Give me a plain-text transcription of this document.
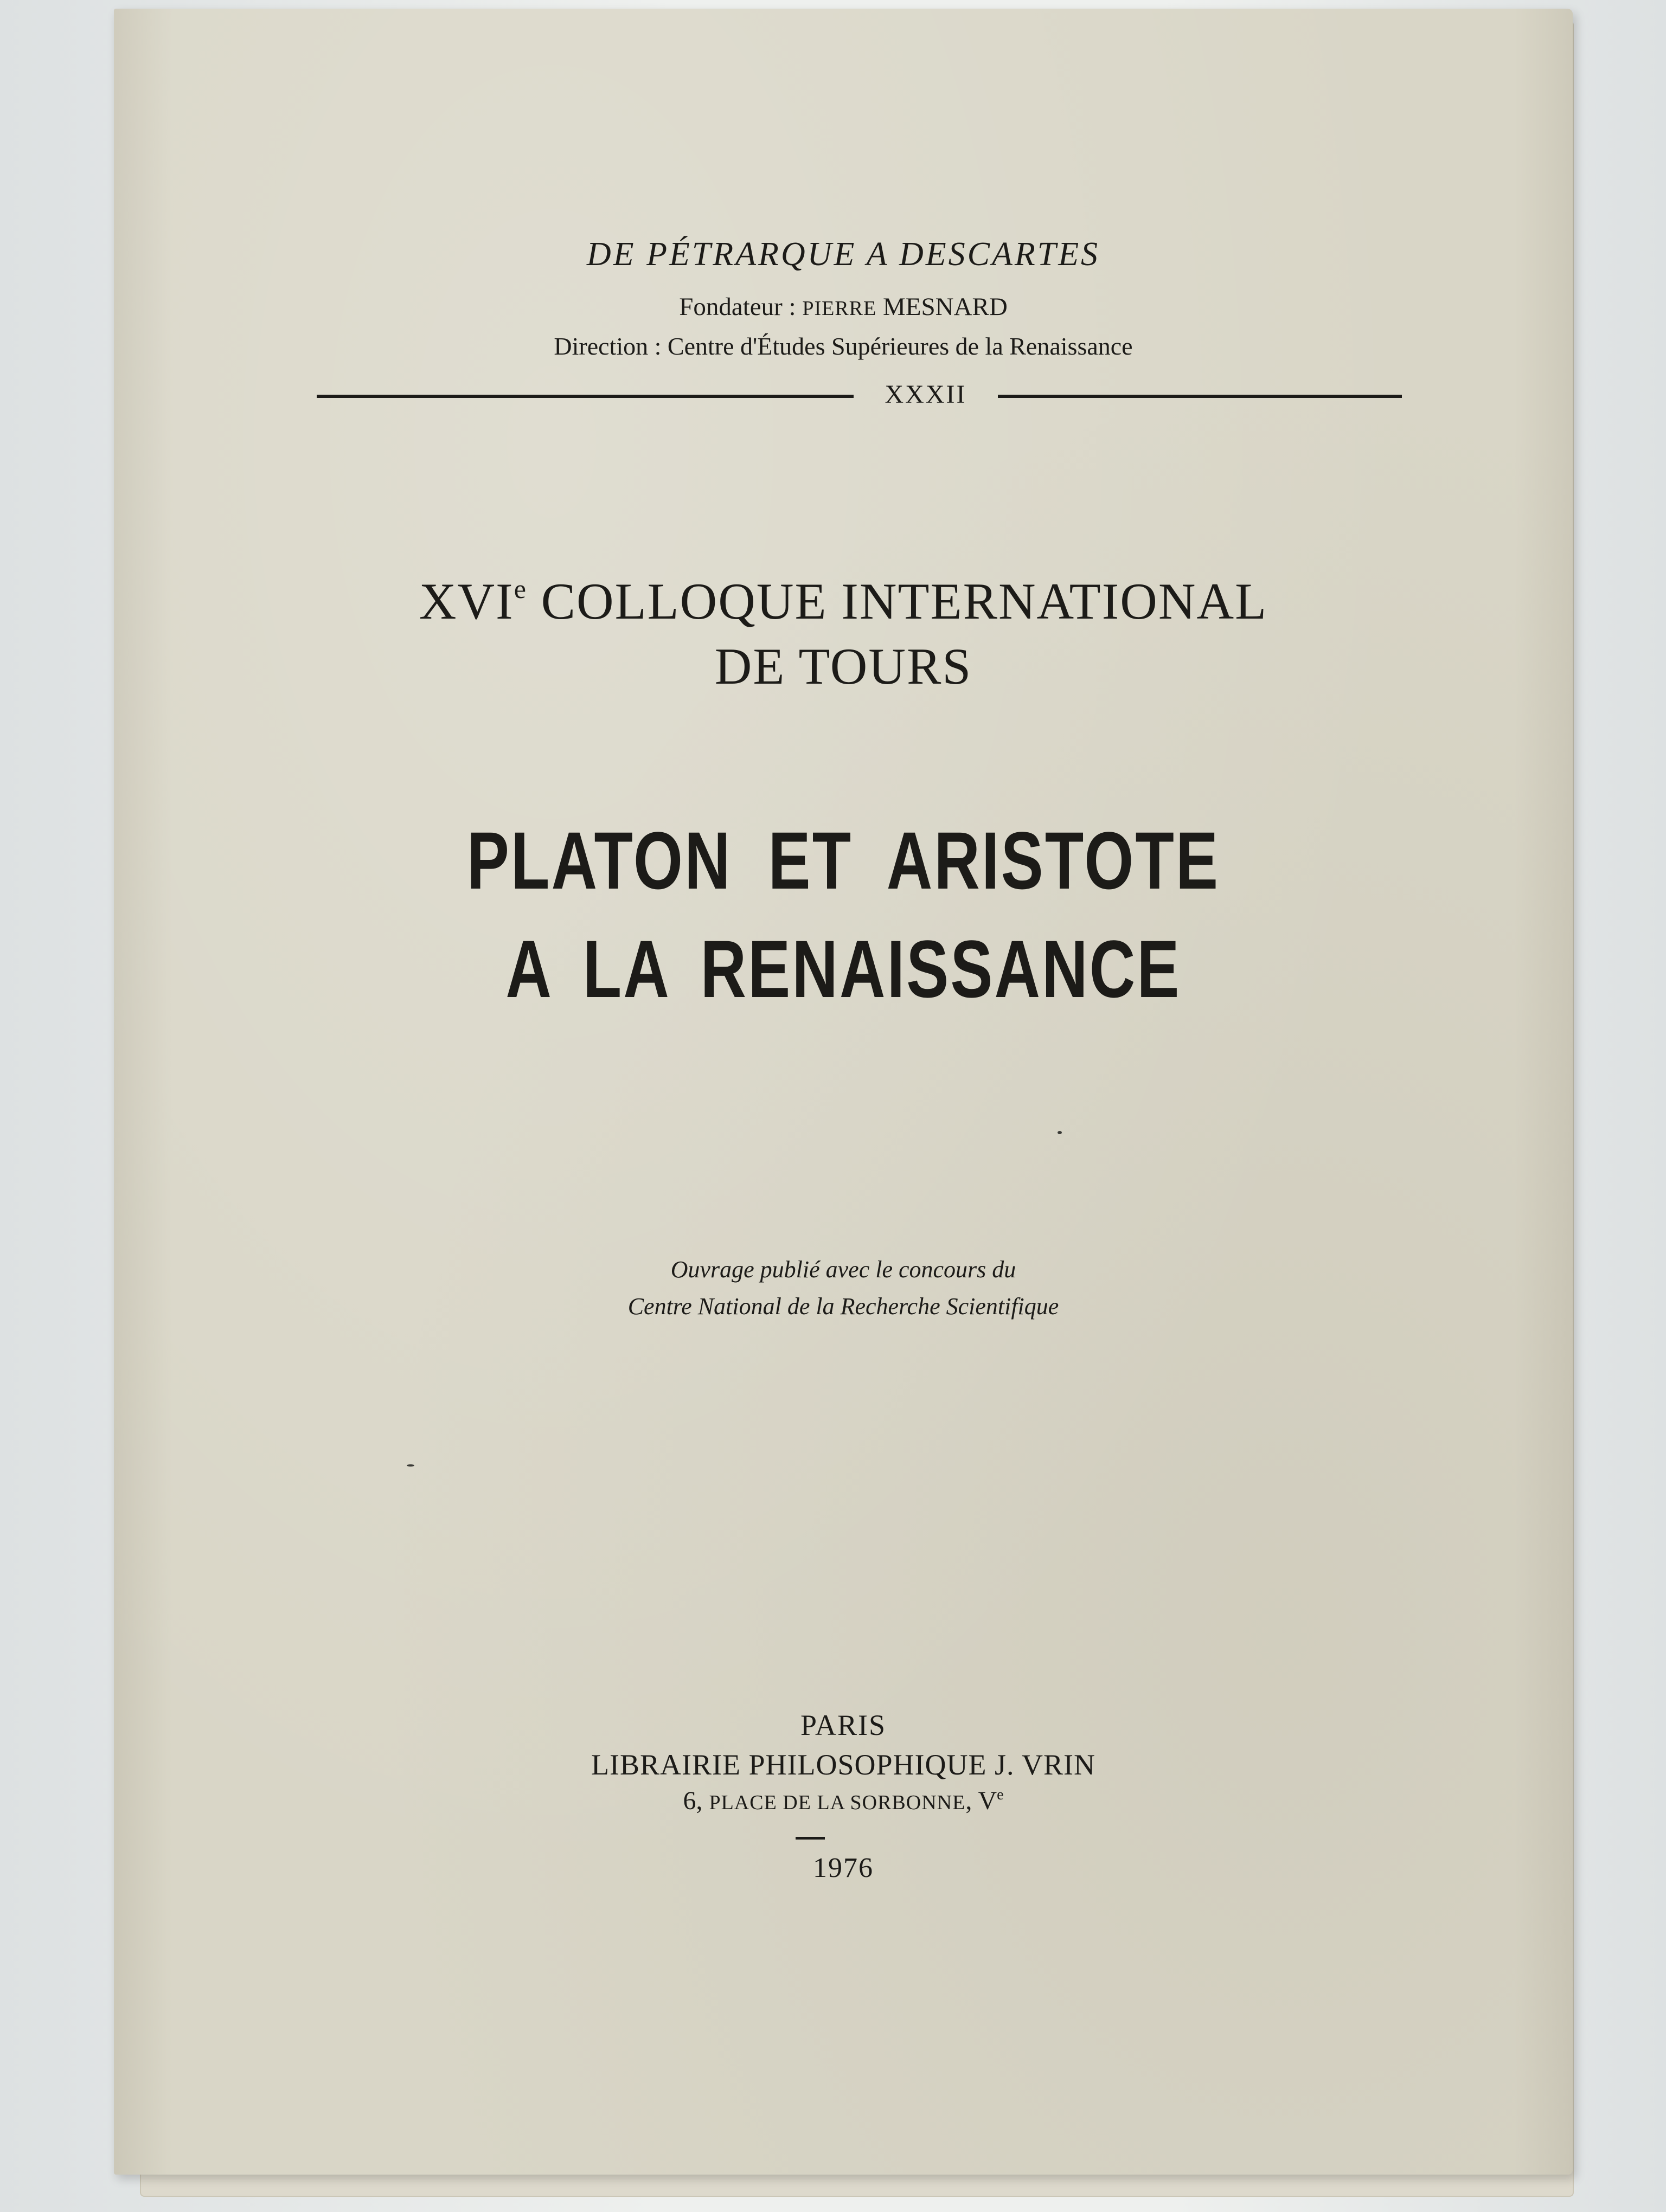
DE PÉTRARQUE A DESCARTES
Fondateur : PIERRE MESNARD
Direction : Centre d'Études Supérieures de la Renaissance
XXXII
XVIe COLLOQUE INTERNATIONAL
DE TOURS
PLATON ET ARISTOTE
A LA RENAISSANCE
Ouvrage publié avec le concours du
Centre National de la Recherche Scientifique
PARIS
LIBRAIRIE PHILOSOPHIQUE J. VRIN
6, PLACE DE LA SORBONNE, Ve
1976
